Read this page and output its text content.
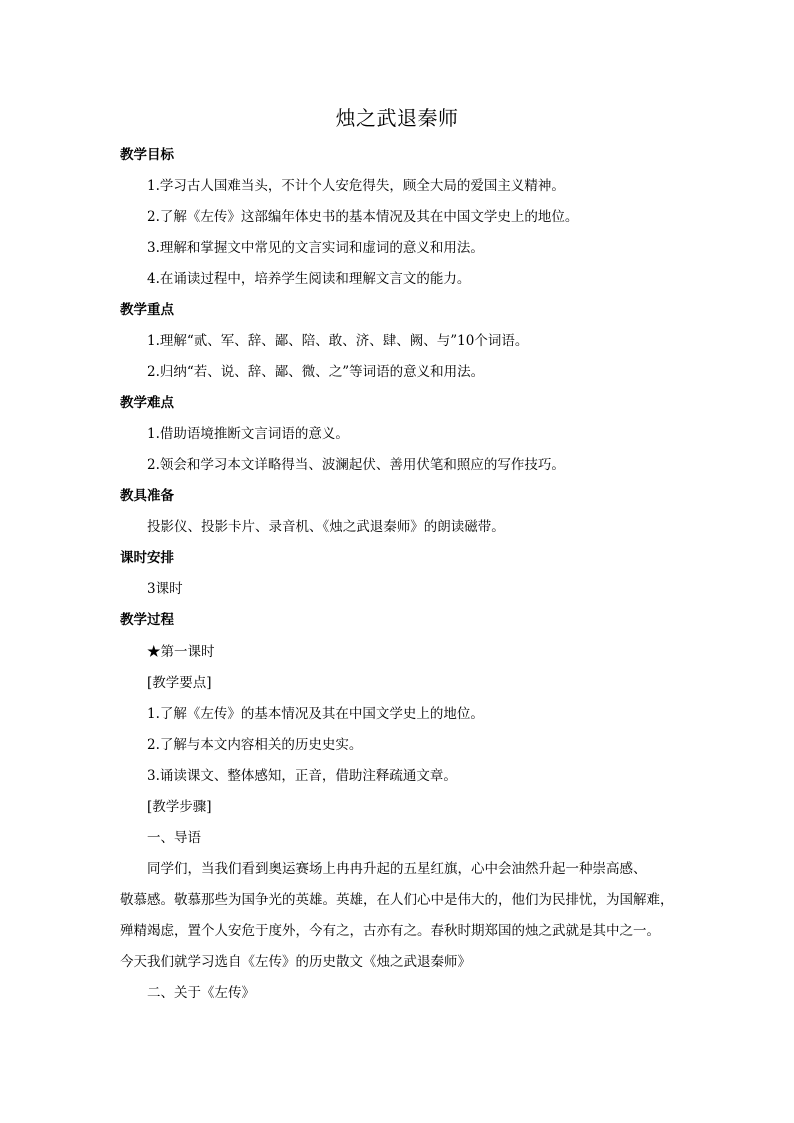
烛之武退秦师
教学目标
1.学习古人国难当头，不计个人安危得失，顾全大局的爱国主义精神。
2.了解《左传》这部编年体史书的基本情况及其在中国文学史上的地位。
3.理解和掌握文中常见的文言实词和虚词的意义和用法。
4.在诵读过程中，培养学生阅读和理解文言文的能力。
教学重点
1.理解“贰、军、辞、鄙、陪、敢、济、肆、阙、与”10个词语。
2.归纳“若、说、辞、鄙、微、之”等词语的意义和用法。
教学难点
1.借助语境推断文言词语的意义。
2.领会和学习本文详略得当、波澜起伏、善用伏笔和照应的写作技巧。
教具准备
投影仪、投影卡片、录音机、《烛之武退秦师》的朗读磁带。
课时安排
3课时
教学过程
★第一课时
[教学要点]
1.了解《左传》的基本情况及其在中国文学史上的地位。
2.了解与本文内容相关的历史史实。
3.诵读课文、整体感知，正音，借助注释疏通文章。
[教学步骤]
一、导语
同学们，当我们看到奥运赛场上冉冉升起的五星红旗，心中会油然升起一种崇高感、
敬慕感。敬慕那些为国争光的英雄。英雄，在人们心中是伟大的，他们为民排忧，为国解难，
殚精竭虑，置个人安危于度外，今有之，古亦有之。春秋时期郑国的烛之武就是其中之一。
今天我们就学习选自《左传》的历史散文《烛之武退秦师》
二、关于《左传》
